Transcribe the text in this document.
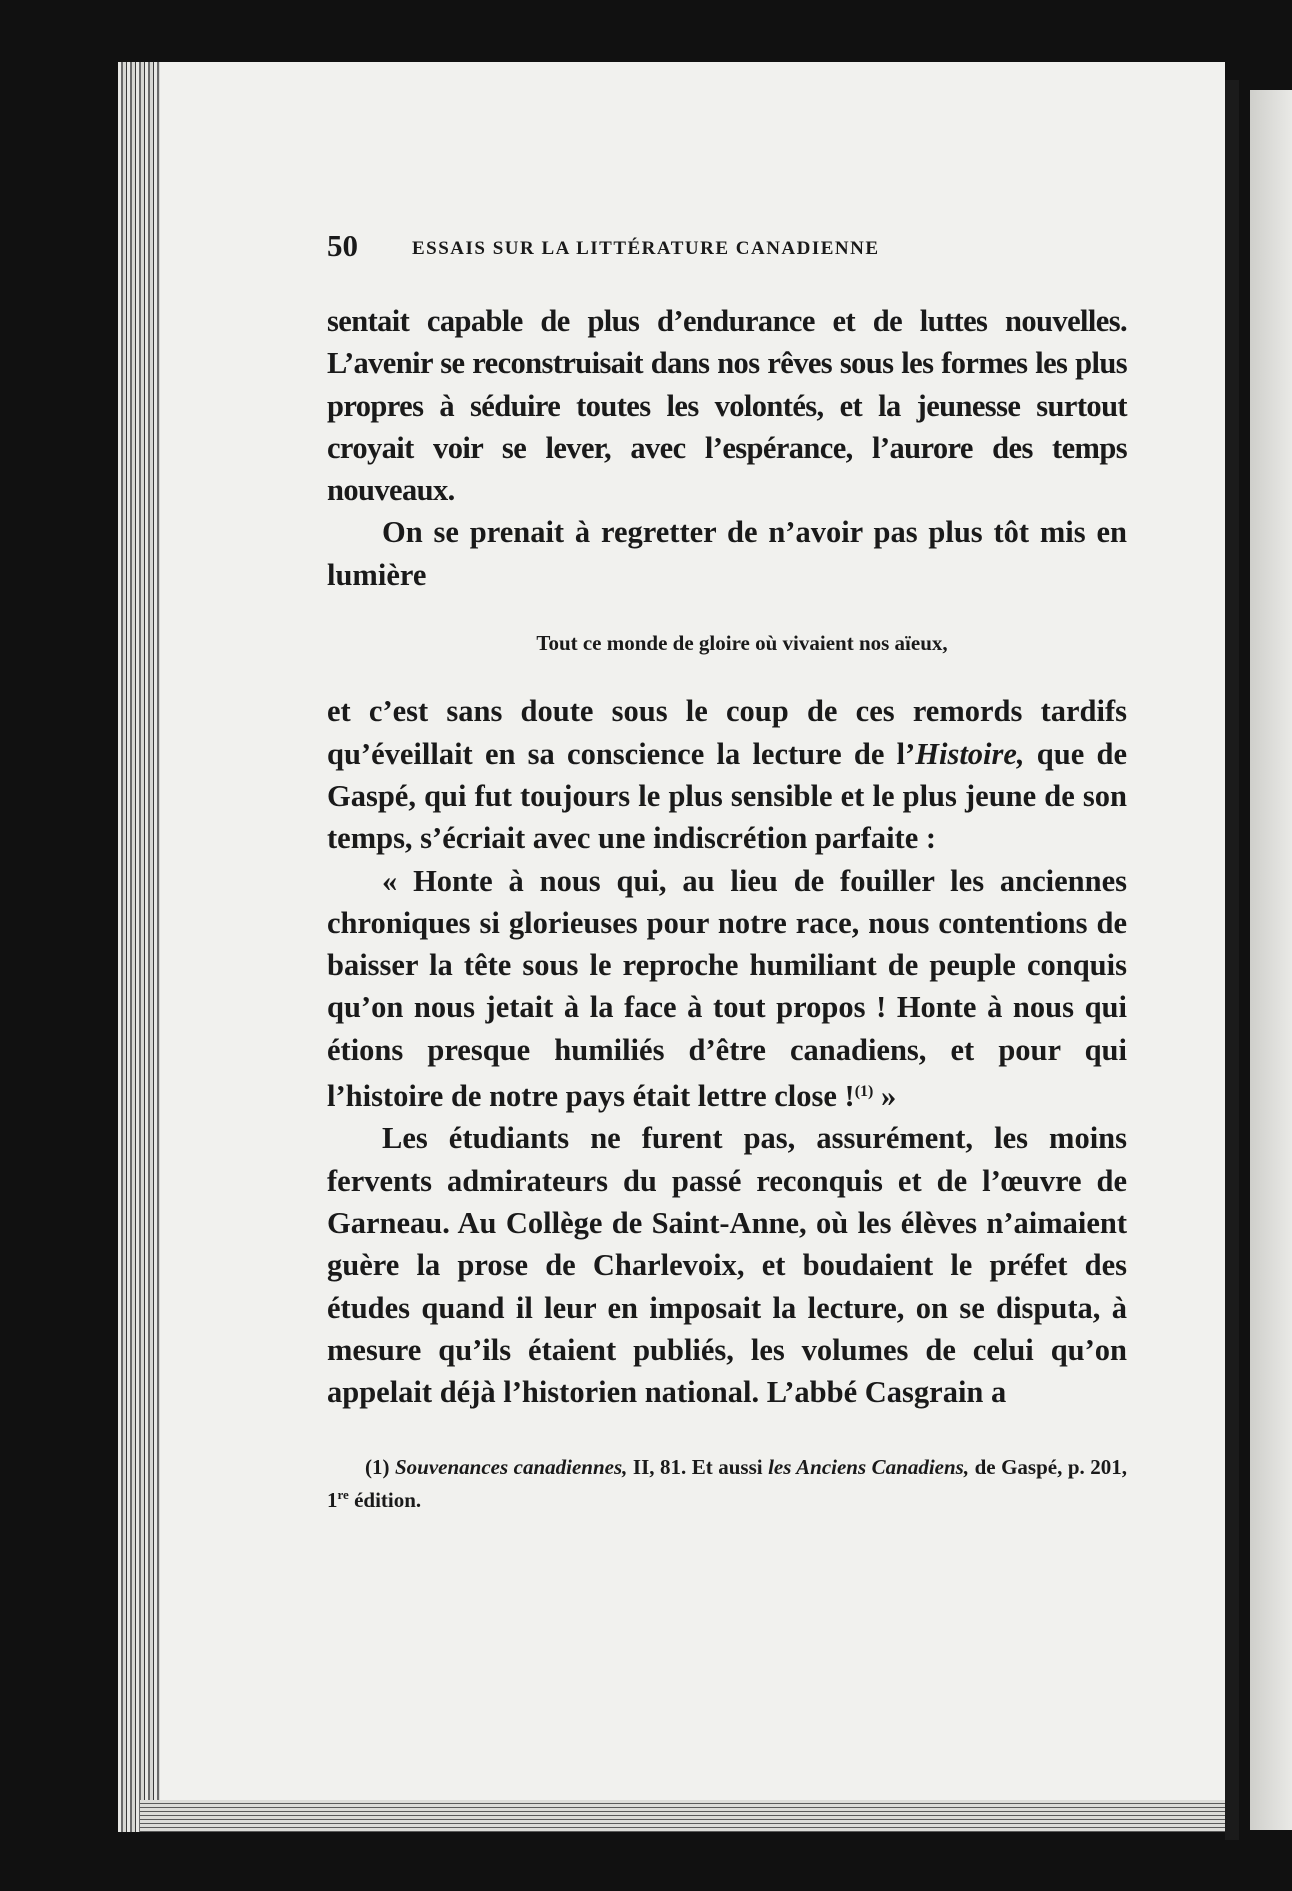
50	ESSAIS SUR LA LITTÉRATURE CANADIENNE

sentait capable de plus d’endurance et de luttes nouvelles. L’avenir se reconstruisait dans nos rêves sous les formes les plus propres à séduire toutes les volontés, et la jeunesse surtout croyait voir se lever, avec l’espérance, l’aurore des temps nouveaux.

On se prenait à regretter de n’avoir pas plus tôt mis en lumière

Tout ce monde de gloire où vivaient nos aïeux,

et c’est sans doute sous le coup de ces remords tardifs qu’éveillait en sa conscience la lecture de l’Histoire, que de Gaspé, qui fut toujours le plus sensible et le plus jeune de son temps, s’écriait avec une indiscrétion parfaite :

« Honte à nous qui, au lieu de fouiller les anciennes chroniques si glorieuses pour notre race, nous contentions de baisser la tête sous le reproche humiliant de peuple conquis qu’on nous jetait à la face à tout propos ! Honte à nous qui étions presque humiliés d’être canadiens, et pour qui l’histoire de notre pays était lettre close !$^{(1)}$ »

Les étudiants ne furent pas, assurément, les moins fervents admirateurs du passé reconquis et de l’œuvre de Garneau. Au Collège de Saint-Anne, où les élèves n’aimaient guère la prose de Charlevoix, et boudaient le préfet des études quand il leur en imposait la lecture, on se disputa, à mesure qu’ils étaient publiés, les volumes de celui qu’on appelait déjà l’historien national. L’abbé Casgrain a

(1) Souvenances canadiennes, II, 81. Et aussi les Anciens Canadiens, de Gaspé, p. 201, 1re édition.
